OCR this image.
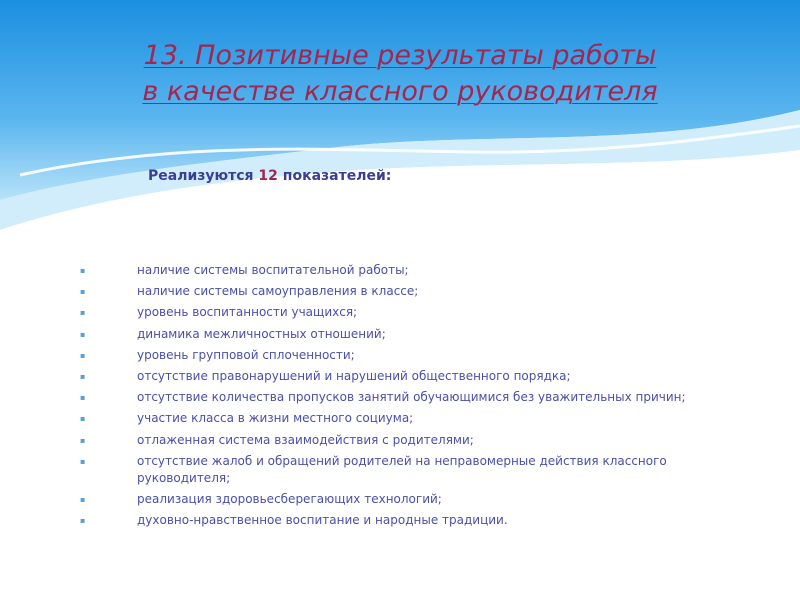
13. Позитивные результаты работы
в качестве классного руководителя

Реализуются 12 показателей:

▪	наличие системы воспитательной работы;
▪	наличие системы самоуправления в классе;
▪	уровень воспитанности учащихся;
▪	динамика межличностных отношений;
▪	уровень групповой сплоченности;
▪	отсутствие правонарушений и нарушений общественного порядка;
▪	отсутствие количества пропусков занятий обучающимися без уважительных причин;
▪	участие класса в жизни местного социума;
▪	отлаженная система взаимодействия с родителями;
▪	отсутствие жалоб и обращений родителей на неправомерные действия классного руководителя;
▪	реализация здоровьесберегающих технологий;
▪	духовно-нравственное воспитание и народные традиции.
